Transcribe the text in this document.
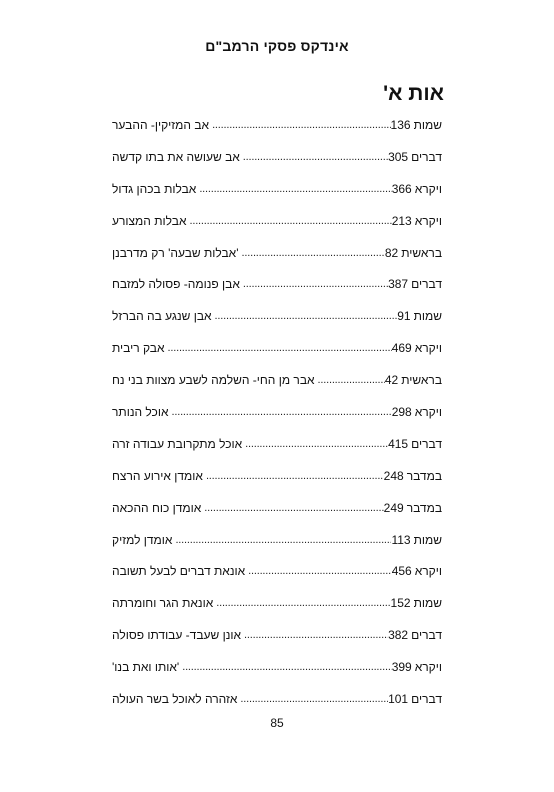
אינדקס פסקי הרמב"ם
אות א'
אב המזיקין- ההבער .....	136 שמות
אב שעושה את בתו קדשה .....	305 דברים
אבלות בכהן גדול .....	366 ויקרא
אבלות המצורע .....	213 ויקרא
'אבלות שבעה' רק מדרבנן .....	82 בראשית
אבן פנומה- פסולה למזבח .....	387 דברים
אבן שנגע בה הברזל .....	91 שמות
אבק ריבית .....	469 ויקרא
אבר מן החי- השלמה לשבע מצוות בני נח .....	42 בראשית
אוכל הנותר .....	298 ויקרא
אוכל מתקרובת עבודה זרה .....	415 דברים
אומדן אירוע הרצח .....	248 במדבר
אומדן כוח ההכאה .....	249 במדבר
אומדן למזיק .....	113 שמות
אונאת דברים לבעל תשובה .....	456 ויקרא
אונאת הגר וחומרתה .....	152 שמות
אונן שעבד- עבודתו פסולה .....	382 דברים
'אותו ואת בנו' .....	399 ויקרא
אזהרה לאוכל בשר העולה .....	101 דברים
85
